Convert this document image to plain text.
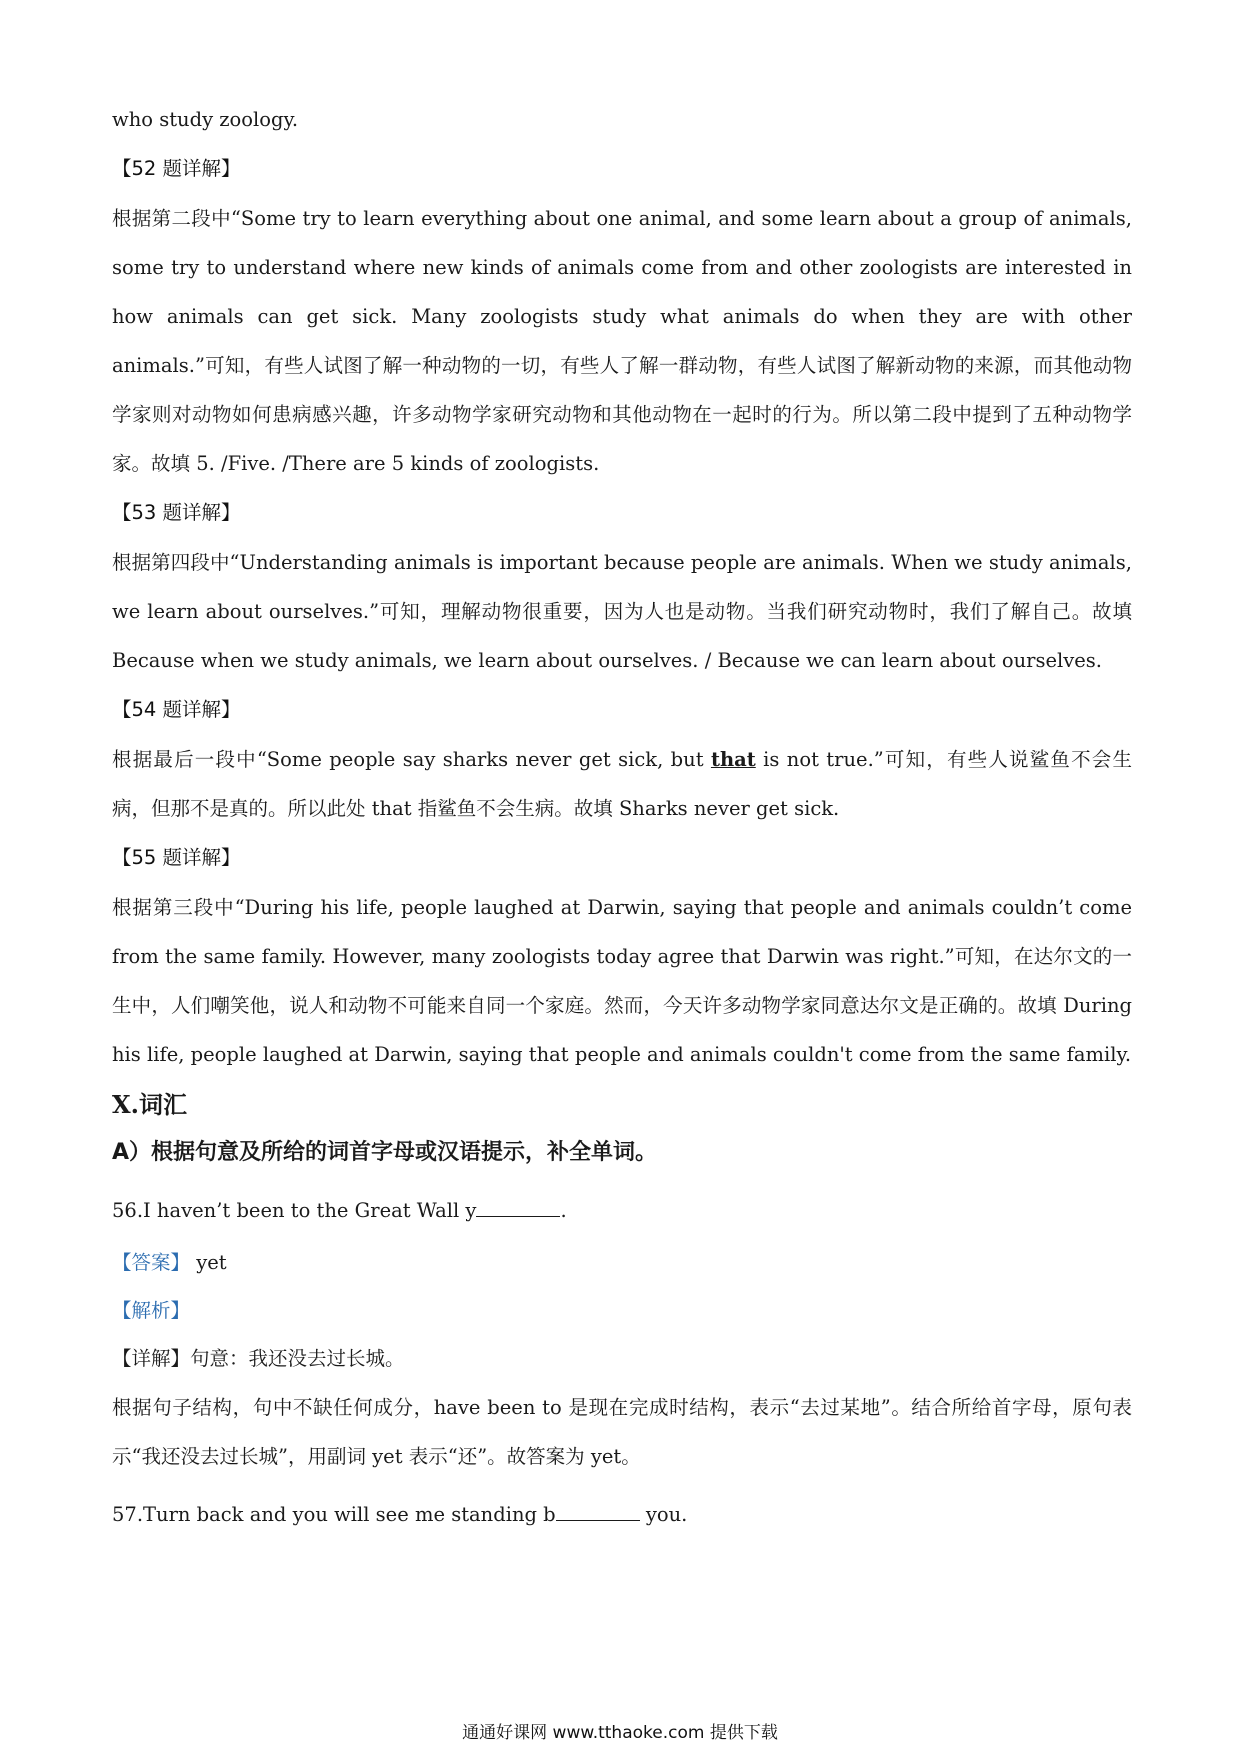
who study zoology.

【52 题详解】

根据第二段中“Some try to learn everything about one animal, and some learn about a group of animals, some try to understand where new kinds of animals come from and other zoologists are interested in how animals can get sick. Many zoologists study what animals do when they are with other animals.”可知，有些人试图了解一种动物的一切，有些人了解一群动物，有些人试图了解新动物的来源，而其他动物学家则对动物如何患病感兴趣，许多动物学家研究动物和其他动物在一起时的行为。所以第二段中提到了五种动物学家。故填 5. /Five. /There are 5 kinds of zoologists.

【53 题详解】

根据第四段中“Understanding animals is important because people are animals. When we study animals, we learn about ourselves.”可知，理解动物很重要，因为人也是动物。当我们研究动物时，我们了解自己。故填 Because when we study animals, we learn about ourselves. / Because we can learn about ourselves.

【54 题详解】

根据最后一段中“Some people say sharks never get sick, but that is not true.”可知，有些人说鲨鱼不会生病，但那不是真的。所以此处 that 指鲨鱼不会生病。故填 Sharks never get sick.

【55 题详解】

根据第三段中“During his life, people laughed at Darwin, saying that people and animals couldn’t come from the same family. However, many zoologists today agree that Darwin was right.”可知，在达尔文的一生中，人们嘲笑他，说人和动物不可能来自同一个家庭。然而，今天许多动物学家同意达尔文是正确的。故填 During his life, people laughed at Darwin, saying that people and animals couldn't come from the same family.

X.词汇

A）根据句意及所给的词首字母或汉语提示，补全单词。

56.I haven’t been to the Great Wall y	.

【答案】 yet

【解析】

【详解】句意：我还没去过长城。

根据句子结构，句中不缺任何成分，have been to 是现在完成时结构，表示“去过某地”。结合所给首字母，原句表示“我还没去过长城”，用副词 yet 表示“还”。故答案为 yet。

57.Turn back and you will see me standing b	you.

通通好课网 www.tthaoke.com 提供下载
